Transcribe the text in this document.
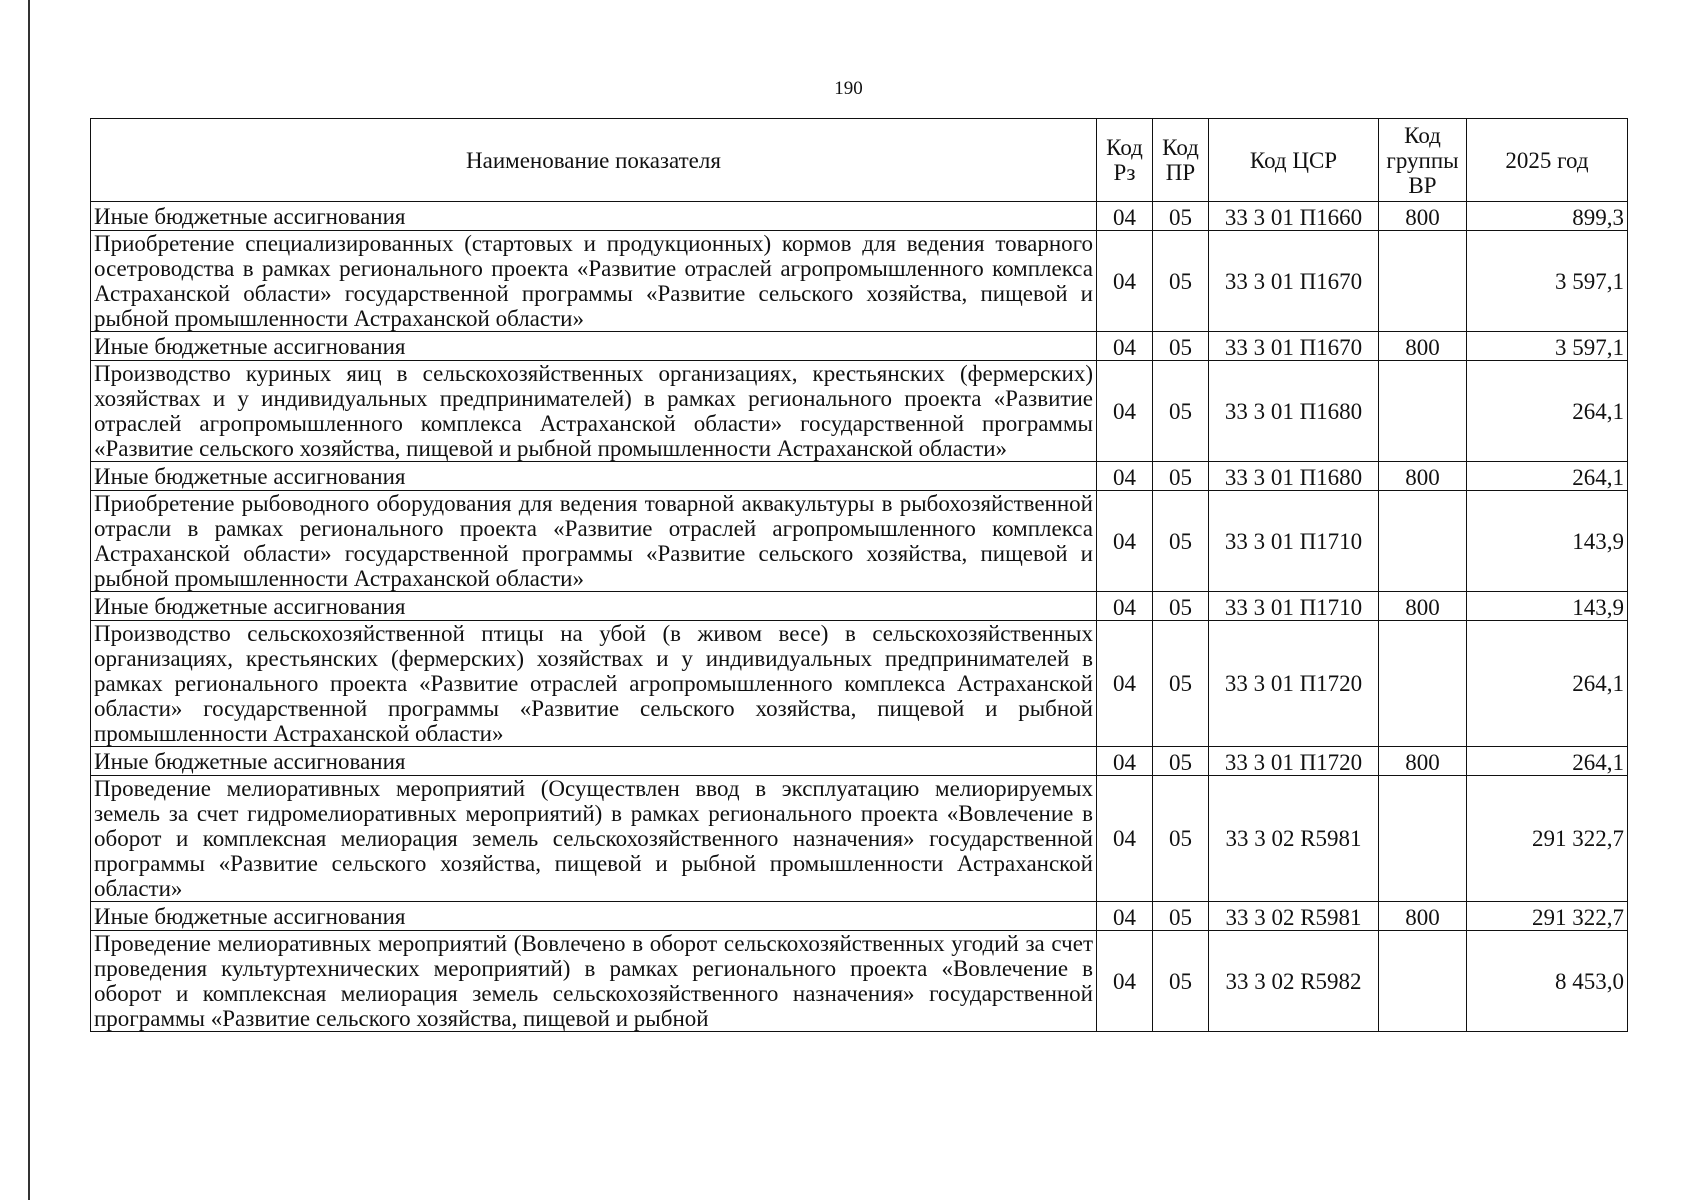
190
Наименование показателя	Код Рз	Код ПР	Код ЦСР	Код группы ВР	2025 год
Иные бюджетные ассигнования	04	05	33 3 01 П1660	800	899,3
Приобретение специализированных (стартовых и продукционных) кормов для ведения товарного осетроводства в рамках регионального проекта «Развитие отраслей агропромышленного комплекса Астраханской области» государственной программы «Развитие сельского хозяйства, пищевой и рыбной промышленности Астраханской области»	04	05	33 3 01 П1670		3 597,1
Иные бюджетные ассигнования	04	05	33 3 01 П1670	800	3 597,1
Производство куриных яиц в сельскохозяйственных организациях, крестьянских (фермерских) хозяйствах и у индивидуальных предпринимателей) в рамках регионального проекта «Развитие отраслей агропромышленного комплекса Астраханской области» государственной программы «Развитие сельского хозяйства, пищевой и рыбной промышленности Астраханской области»	04	05	33 3 01 П1680		264,1
Иные бюджетные ассигнования	04	05	33 3 01 П1680	800	264,1
Приобретение рыбоводного оборудования для ведения товарной аквакультуры в рыбохозяйственной отрасли в рамках регионального проекта «Развитие отраслей агропромышленного комплекса Астраханской области» государственной программы «Развитие сельского хозяйства, пищевой и рыбной промышленности Астраханской области»	04	05	33 3 01 П1710		143,9
Иные бюджетные ассигнования	04	05	33 3 01 П1710	800	143,9
Производство сельскохозяйственной птицы на убой (в живом весе) в сельскохозяйственных организациях, крестьянских (фермерских) хозяйствах и у индивидуальных предпринимателей в рамках регионального проекта «Развитие отраслей агропромышленного комплекса Астраханской области» государственной программы «Развитие сельского хозяйства, пищевой и рыбной промышленности Астраханской области»	04	05	33 3 01 П1720		264,1
Иные бюджетные ассигнования	04	05	33 3 01 П1720	800	264,1
Проведение мелиоративных мероприятий (Осуществлен ввод в эксплуатацию мелиорируемых земель за счет гидромелиоративных мероприятий) в рамках регионального проекта «Вовлечение в оборот и комплексная мелиорация земель сельскохозяйственного назначения» государственной программы «Развитие сельского хозяйства, пищевой и рыбной промышленности Астраханской области»	04	05	33 3 02 R5981		291 322,7
Иные бюджетные ассигнования	04	05	33 3 02 R5981	800	291 322,7
Проведение мелиоративных мероприятий (Вовлечено в оборот сельскохозяйственных угодий за счет проведения культуртехнических мероприятий) в рамках регионального проекта «Вовлечение в оборот и комплексная мелиорация земель сельскохозяйственного назначения» государственной программы «Развитие сельского хозяйства, пищевой и рыбной	04	05	33 3 02 R5982		8 453,0
